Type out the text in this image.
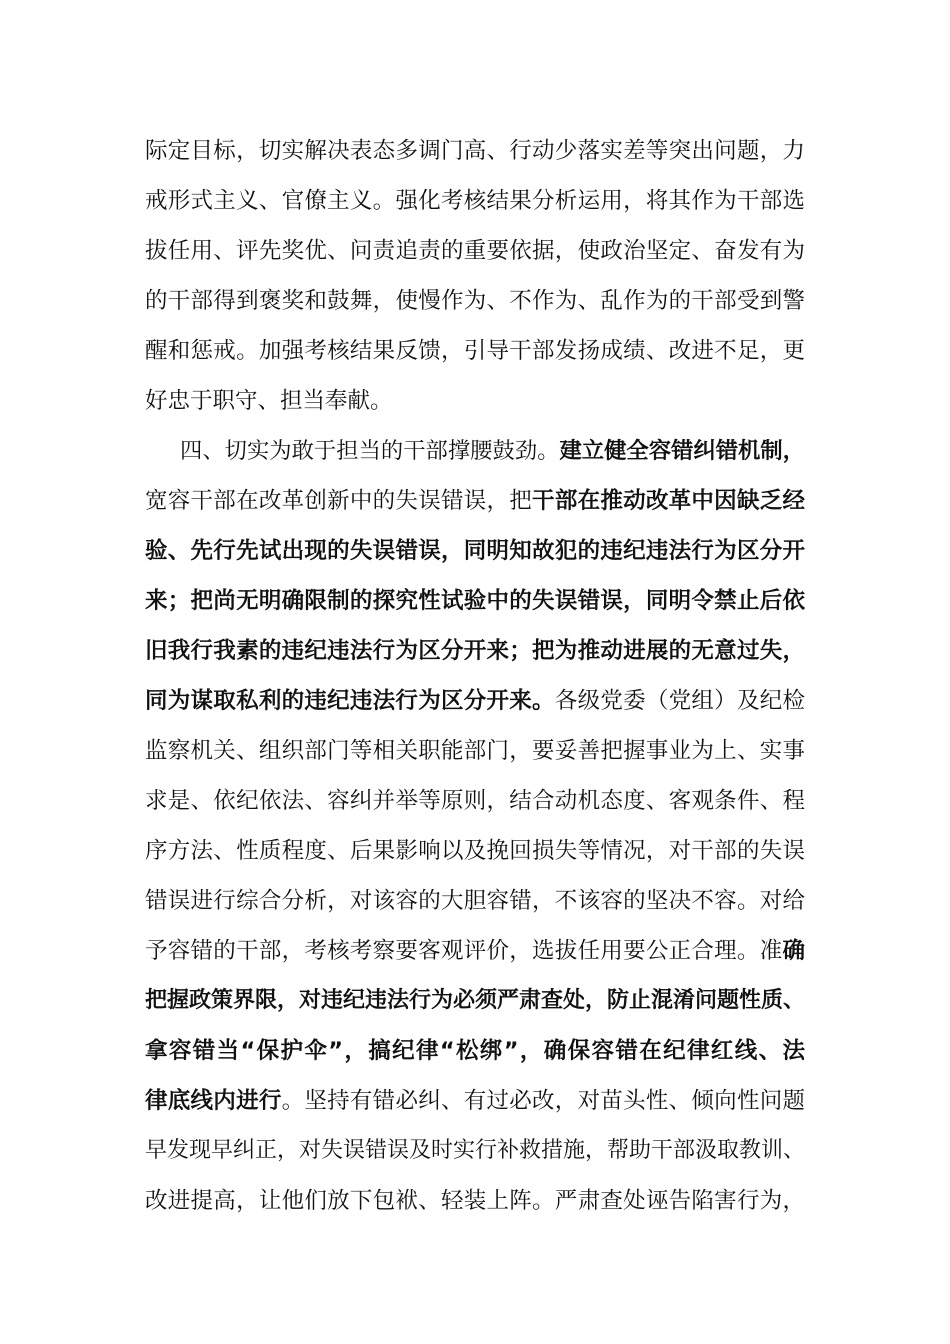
际定目标，切实解决表态多调门高、行动少落实差等突出问题，力
戒形式主义、官僚主义。强化考核结果分析运用，将其作为干部选
拔任用、评先奖优、问责追责的重要依据，使政治坚定、奋发有为
的干部得到褒奖和鼓舞，使慢作为、不作为、乱作为的干部受到警
醒和惩戒。加强考核结果反馈，引导干部发扬成绩、改进不足，更
好忠于职守、担当奉献。
四、切实为敢于担当的干部撑腰鼓劲。建立健全容错纠错机制，
宽容干部在改革创新中的失误错误，把干部在推动改革中因缺乏经
验、先行先试出现的失误错误，同明知故犯的违纪违法行为区分开
来；把尚无明确限制的探究性试验中的失误错误，同明令禁止后依
旧我行我素的违纪违法行为区分开来；把为推动进展的无意过失，
同为谋取私利的违纪违法行为区分开来。各级党委（党组）及纪检
监察机关、组织部门等相关职能部门，要妥善把握事业为上、实事
求是、依纪依法、容纠并举等原则，结合动机态度、客观条件、程
序方法、性质程度、后果影响以及挽回损失等情况，对干部的失误
错误进行综合分析，对该容的大胆容错，不该容的坚决不容。对给
予容错的干部，考核考察要客观评价，选拔任用要公正合理。准确
把握政策界限，对违纪违法行为必须严肃查处，防止混淆问题性质、
拿容错当“保护伞”，搞纪律“松绑”，确保容错在纪律红线、法
律底线内进行。坚持有错必纠、有过必改，对苗头性、倾向性问题
早发现早纠正，对失误错误及时实行补救措施，帮助干部汲取教训、
改进提高，让他们放下包袱、轻装上阵。严肃查处诬告陷害行为，
